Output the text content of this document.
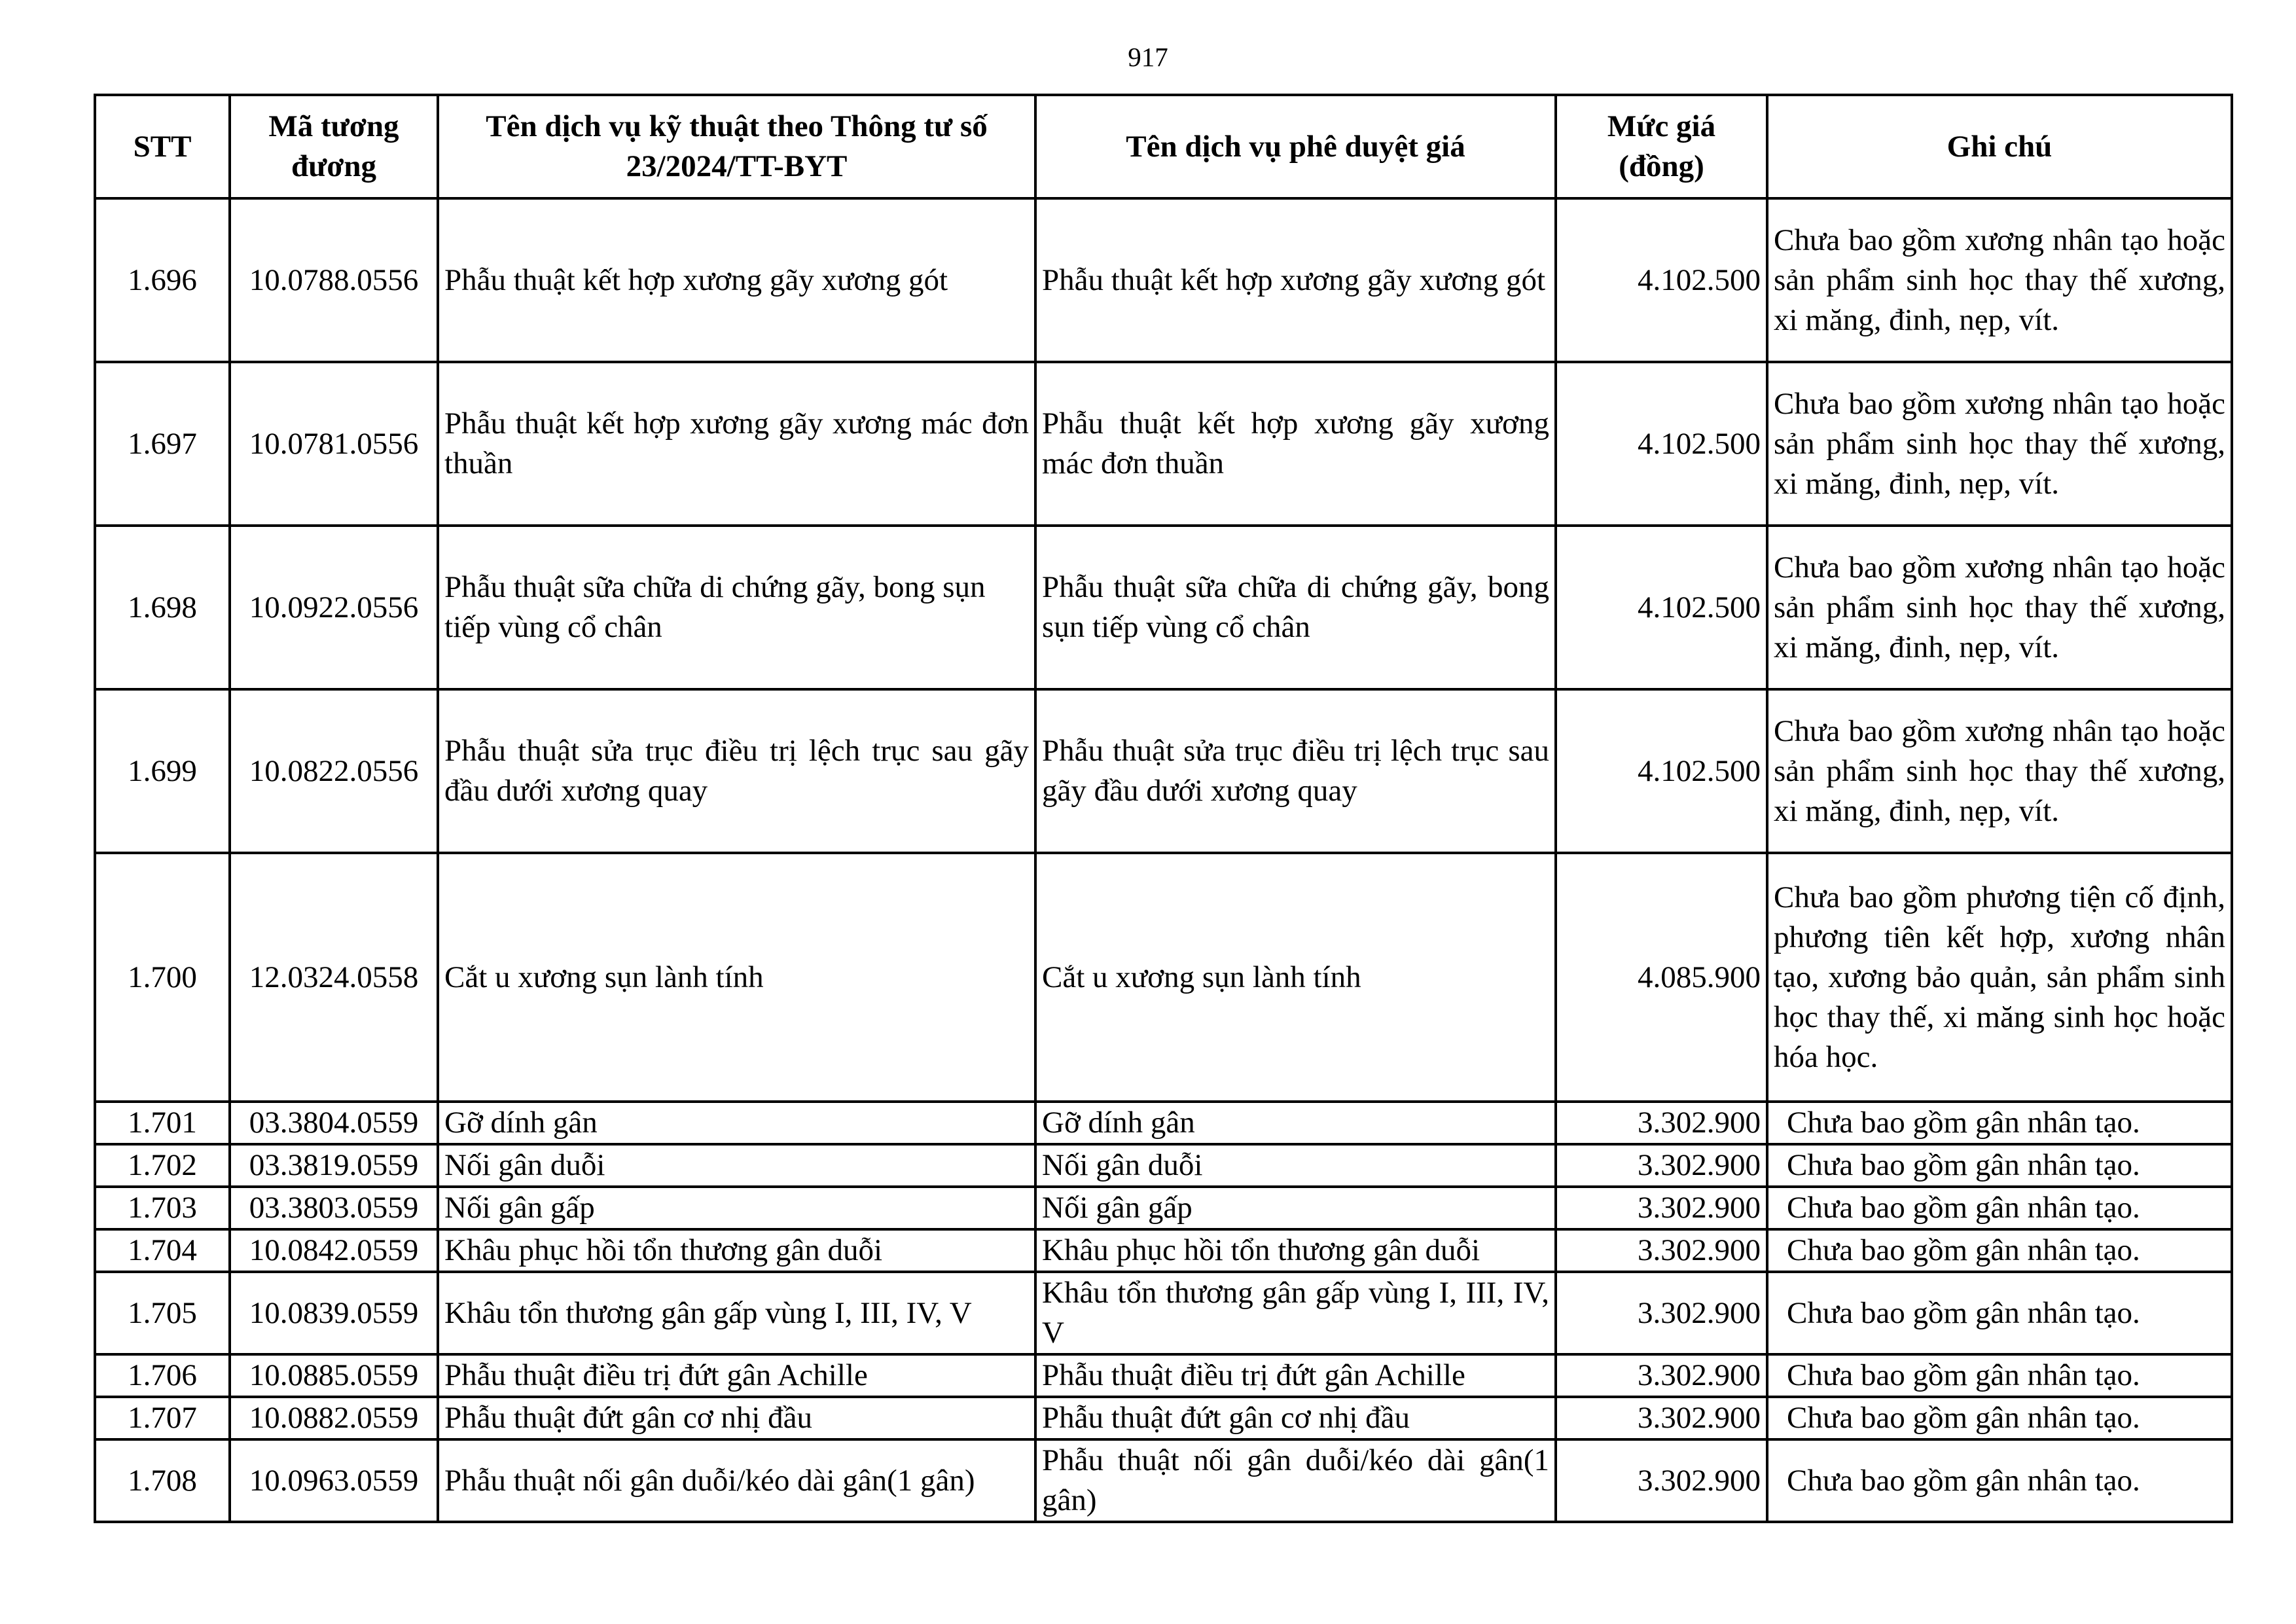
917
STT	Mã tương đương	Tên dịch vụ kỹ thuật theo Thông tư số 23/2024/TT-BYT	Tên dịch vụ phê duyệt giá	Mức giá (đồng)	Ghi chú
1.696	10.0788.0556	Phẫu thuật kết hợp xương gãy xương gót	Phẫu thuật kết hợp xương gãy xương gót	4.102.500	Chưa bao gồm xương nhân tạo hoặc sản phẩm sinh học thay thế xương, xi măng, đinh, nẹp, vít.
1.697	10.0781.0556	Phẫu thuật kết hợp xương gãy xương mác đơn thuần	Phẫu thuật kết hợp xương gãy xương mác đơn thuần	4.102.500	Chưa bao gồm xương nhân tạo hoặc sản phẩm sinh học thay thế xương, xi măng, đinh, nẹp, vít.
1.698	10.0922.0556	Phẫu thuật sữa chữa di chứng gãy, bong sụn tiếp vùng cổ chân	Phẫu thuật sữa chữa di chứng gãy, bong sụn tiếp vùng cổ chân	4.102.500	Chưa bao gồm xương nhân tạo hoặc sản phẩm sinh học thay thế xương, xi măng, đinh, nẹp, vít.
1.699	10.0822.0556	Phẫu thuật sửa trục điều trị lệch trục sau gãy đầu dưới xương quay	Phẫu thuật sửa trục điều trị lệch trục sau gãy đầu dưới xương quay	4.102.500	Chưa bao gồm xương nhân tạo hoặc sản phẩm sinh học thay thế xương, xi măng, đinh, nẹp, vít.
1.700	12.0324.0558	Cắt u xương sụn lành tính	Cắt u xương sụn lành tính	4.085.900	Chưa bao gồm phương tiện cố định, phương tiên kết hợp, xương nhân tạo, xương bảo quản, sản phẩm sinh học thay thế, xi măng sinh học hoặc hóa học.
1.701	03.3804.0559	Gỡ dính gân	Gỡ dính gân	3.302.900	Chưa bao gồm gân nhân tạo.
1.702	03.3819.0559	Nối gân duỗi	Nối gân duỗi	3.302.900	Chưa bao gồm gân nhân tạo.
1.703	03.3803.0559	Nối gân gấp	Nối gân gấp	3.302.900	Chưa bao gồm gân nhân tạo.
1.704	10.0842.0559	Khâu phục hồi tổn thương gân duỗi	Khâu phục hồi tổn thương gân duỗi	3.302.900	Chưa bao gồm gân nhân tạo.
1.705	10.0839.0559	Khâu tổn thương gân gấp vùng I, III, IV, V	Khâu tổn thương gân gấp vùng I, III, IV, V	3.302.900	Chưa bao gồm gân nhân tạo.
1.706	10.0885.0559	Phẫu thuật điều trị đứt gân Achille	Phẫu thuật điều trị đứt gân Achille	3.302.900	Chưa bao gồm gân nhân tạo.
1.707	10.0882.0559	Phẫu thuật đứt gân cơ nhị đầu	Phẫu thuật đứt gân cơ nhị đầu	3.302.900	Chưa bao gồm gân nhân tạo.
1.708	10.0963.0559	Phẫu thuật nối gân duỗi/kéo dài gân(1 gân)	Phẫu thuật nối gân duỗi/kéo dài gân(1 gân)	3.302.900	Chưa bao gồm gân nhân tạo.
